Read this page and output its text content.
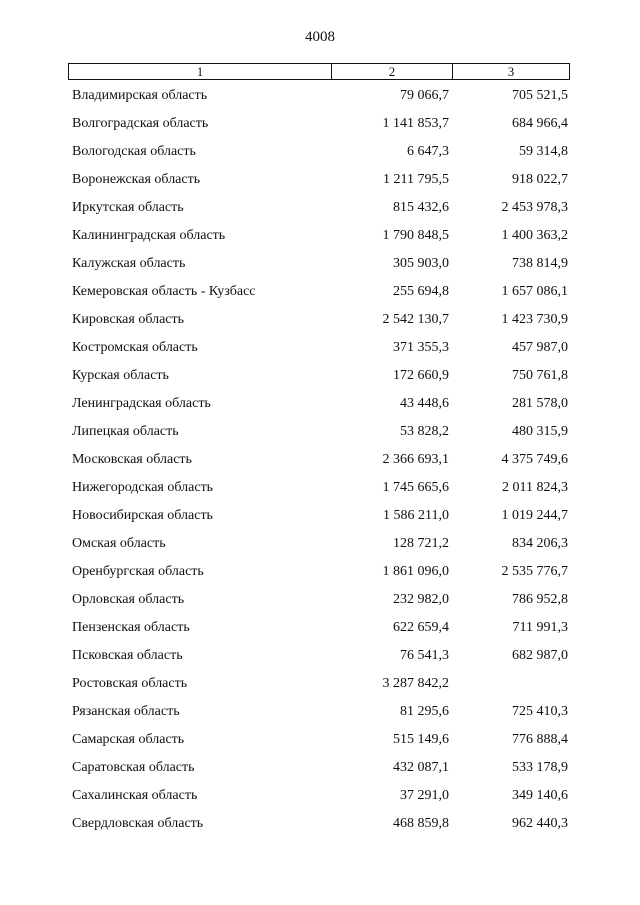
4008
1	2	3
Владимирская область	79 066,7	705 521,5
Волгоградская область	1 141 853,7	684 966,4
Вологодская область	6 647,3	59 314,8
Воронежская область	1 211 795,5	918 022,7
Иркутская область	815 432,6	2 453 978,3
Калининградская область	1 790 848,5	1 400 363,2
Калужская область	305 903,0	738 814,9
Кемеровская область - Кузбасс	255 694,8	1 657 086,1
Кировская область	2 542 130,7	1 423 730,9
Костромская область	371 355,3	457 987,0
Курская область	172 660,9	750 761,8
Ленинградская область	43 448,6	281 578,0
Липецкая область	53 828,2	480 315,9
Московская область	2 366 693,1	4 375 749,6
Нижегородская область	1 745 665,6	2 011 824,3
Новосибирская область	1 586 211,0	1 019 244,7
Омская область	128 721,2	834 206,3
Оренбургская область	1 861 096,0	2 535 776,7
Орловская область	232 982,0	786 952,8
Пензенская область	622 659,4	711 991,3
Псковская область	76 541,3	682 987,0
Ростовская область	3 287 842,2
Рязанская область	81 295,6	725 410,3
Самарская область	515 149,6	776 888,4
Саратовская область	432 087,1	533 178,9
Сахалинская область	37 291,0	349 140,6
Свердловская область	468 859,8	962 440,3
